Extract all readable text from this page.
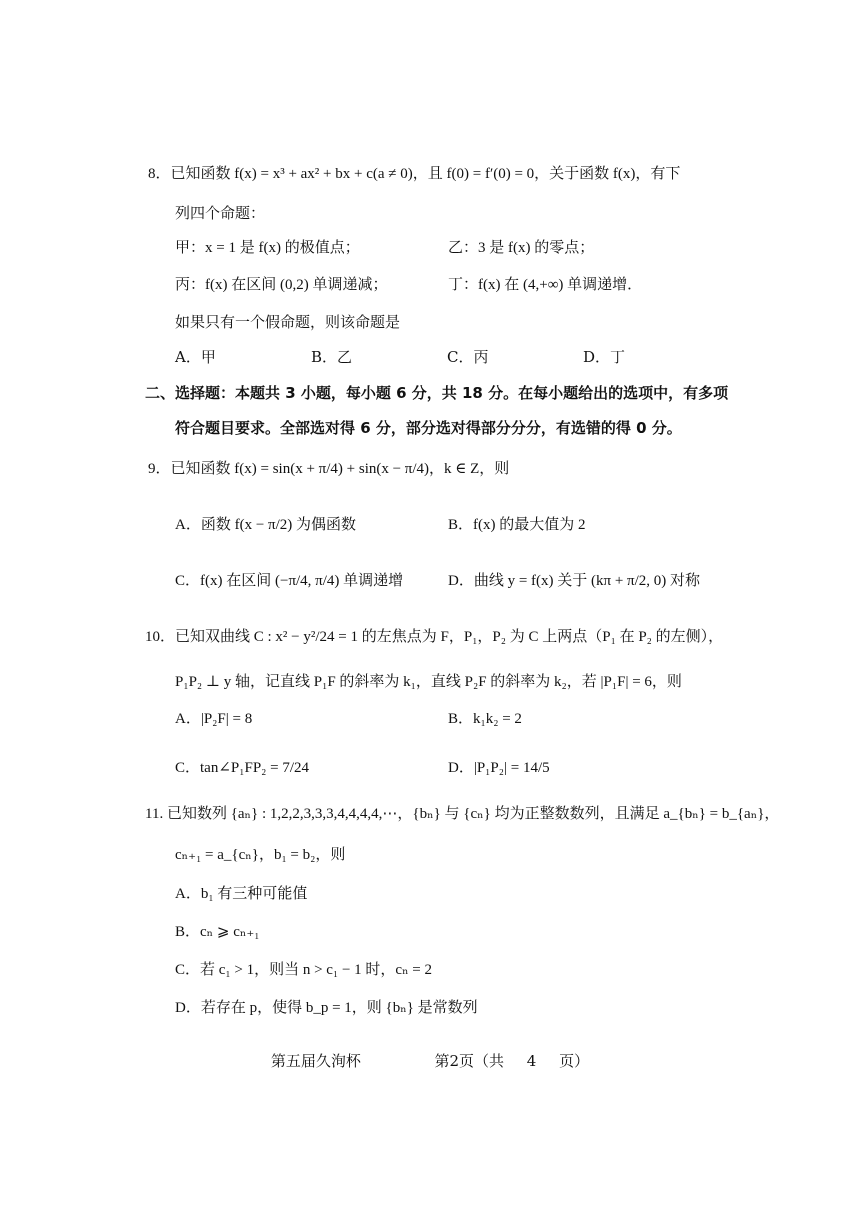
8．已知函数 f(x) = x³ + ax² + bx + c(a ≠ 0)，且 f(0) = f′(0) = 0，关于函数 f(x)，有下
列四个命题：
甲：x = 1 是 f(x) 的极值点；	乙：3 是 f(x) 的零点；
丙：f(x) 在区间 (0,2) 单调递减；	丁：f(x) 在 (4,+∞) 单调递增．
如果只有一个假命题，则该命题是
A．甲	B．乙	C．丙	D．丁
二、选择题：本题共 3 小题，每小题 6 分，共 18 分。在每小题给出的选项中，有多项
符合题目要求。全部选对得 6 分，部分选对得部分分分，有选错的得 0 分。
9．已知函数 f(x) = sin(x + π/4) + sin(x − π/4)，k ∈ Z，则
A．函数 f(x − π/2) 为偶函数	B．f(x) 的最大值为 2
C．f(x) 在区间 (−π/4, π/4) 单调递增	D．曲线 y = f(x) 关于 (kπ + π/2, 0) 对称
10．已知双曲线 C : x² − y²/24 = 1 的左焦点为 F，P₁，P₂ 为 C 上两点（P₁ 在 P₂ 的左侧），
P₁P₂ ⊥ y 轴，记直线 P₁F 的斜率为 k₁，直线 P₂F 的斜率为 k₂，若 |P₁F| = 6，则
A．|P₂F| = 8	B．k₁k₂ = 2
C．tan∠P₁FP₂ = 7/24	D．|P₁P₂| = 14/5
11. 已知数列 {aₙ} : 1,2,2,3,3,3,4,4,4,4,⋯，{bₙ} 与 {cₙ} 均为正整数数列，且满足 a_{bₙ} = b_{aₙ}，
cₙ₊₁ = a_{cₙ}，b₁ = b₂，则
A．b₁ 有三种可能值
B．cₙ ⩾ cₙ₊₁
C．若 c₁ > 1，则当 n > c₁ − 1 时，cₙ = 2
D．若存在 p，使得 b_p = 1，则 {bₙ} 是常数列
第五届久洵杯	第2页（共 4 页）
